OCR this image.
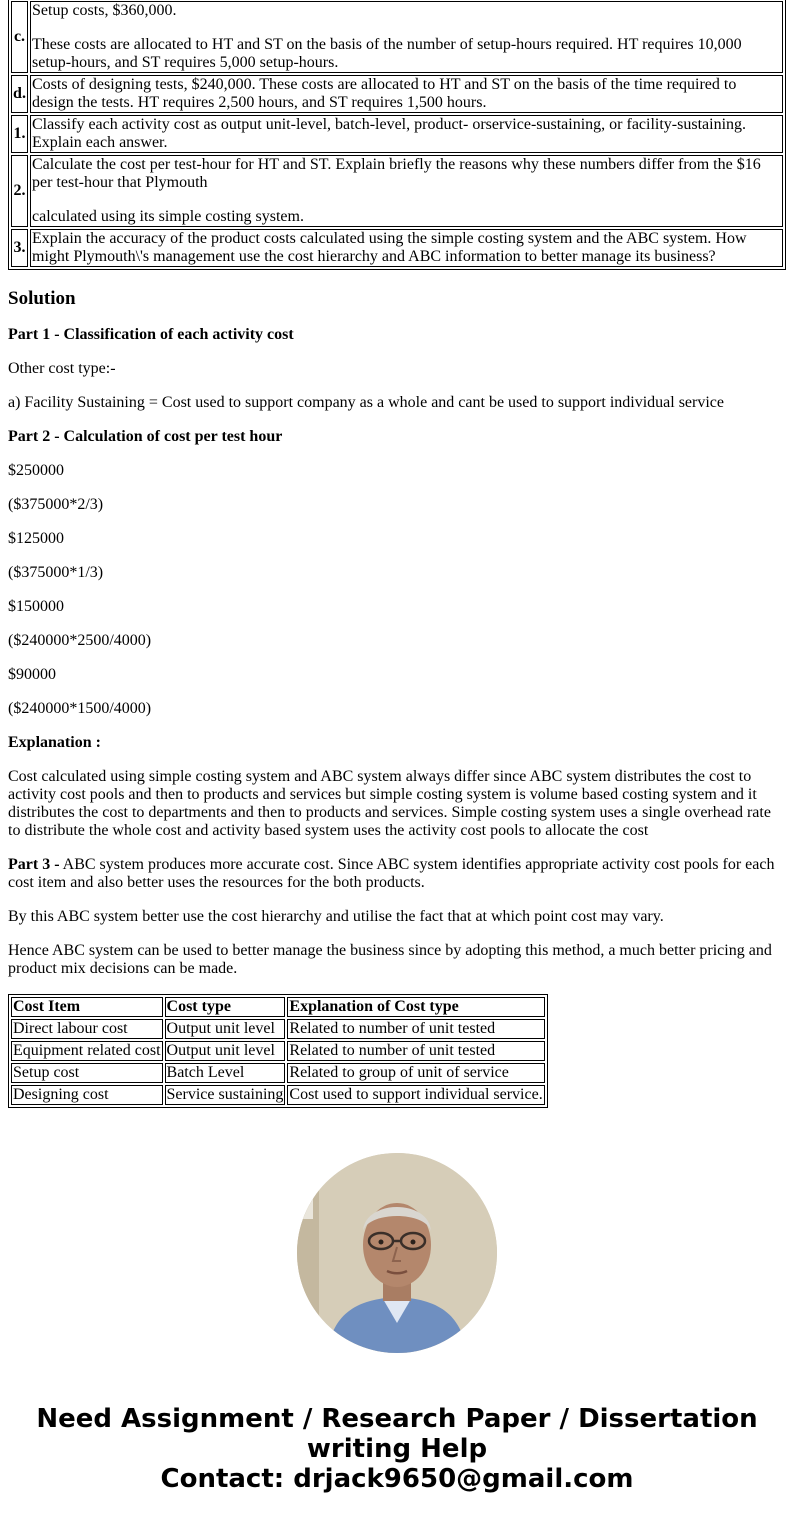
c.	Setup costs, $360,000.

These costs are allocated to HT and ST on the basis of the number of setup-hours required. HT requires 10,000 setup-hours, and ST requires 5,000 setup-hours.

d.	Costs of designing tests, $240,000. These costs are allocated to HT and ST on the basis of the time required to design the tests. HT requires 2,500 hours, and ST requires 1,500 hours.

1.	Classify each activity cost as output unit-level, batch-level, product- orservice-sustaining, or facility-sustaining. Explain each answer.

2.	Calculate the cost per test-hour for HT and ST. Explain briefly the reasons why these numbers differ from the $16 per test-hour that Plymouth

calculated using its simple costing system.

3.	Explain the accuracy of the product costs calculated using the simple costing system and the ABC system. How might Plymouth\'s management use the cost hierarchy and ABC information to better manage its business?

Solution

Part 1 - Classification of each activity cost

Other cost type:-

a) Facility Sustaining = Cost used to support company as a whole and cant be used to support individual service

Part 2 - Calculation of cost per test hour

$250000

($375000*2/3)

$125000

($375000*1/3)

$150000

($240000*2500/4000)

$90000

($240000*1500/4000)

Explanation :

Cost calculated using simple costing system and ABC system always differ since ABC system distributes the cost to activity cost pools and then to products and services but simple costing system is volume based costing system and it distributes the cost to departments and then to products and services. Simple costing system uses a single overhead rate to distribute the whole cost and activity based system uses the activity cost pools to allocate the cost

Part 3 - ABC system produces more accurate cost. Since ABC system identifies appropriate activity cost pools for each cost item and also better uses the resources for the both products.

By this ABC system better use the cost hierarchy and utilise the fact that at which point cost may vary.

Hence ABC system can be used to better manage the business since by adopting this method, a much better pricing and product mix decisions can be made.

Cost Item	Cost type	Explanation of Cost type
Direct labour cost	Output unit level	Related to number of unit tested
Equipment related cost	Output unit level	Related to number of unit tested
Setup cost	Batch Level	Related to group of unit of service
Designing cost	Service sustaining	Cost used to support individual service.
Need Assignment / Research Paper / Dissertation
writing Help
Contact: drjack9650@gmail.com
